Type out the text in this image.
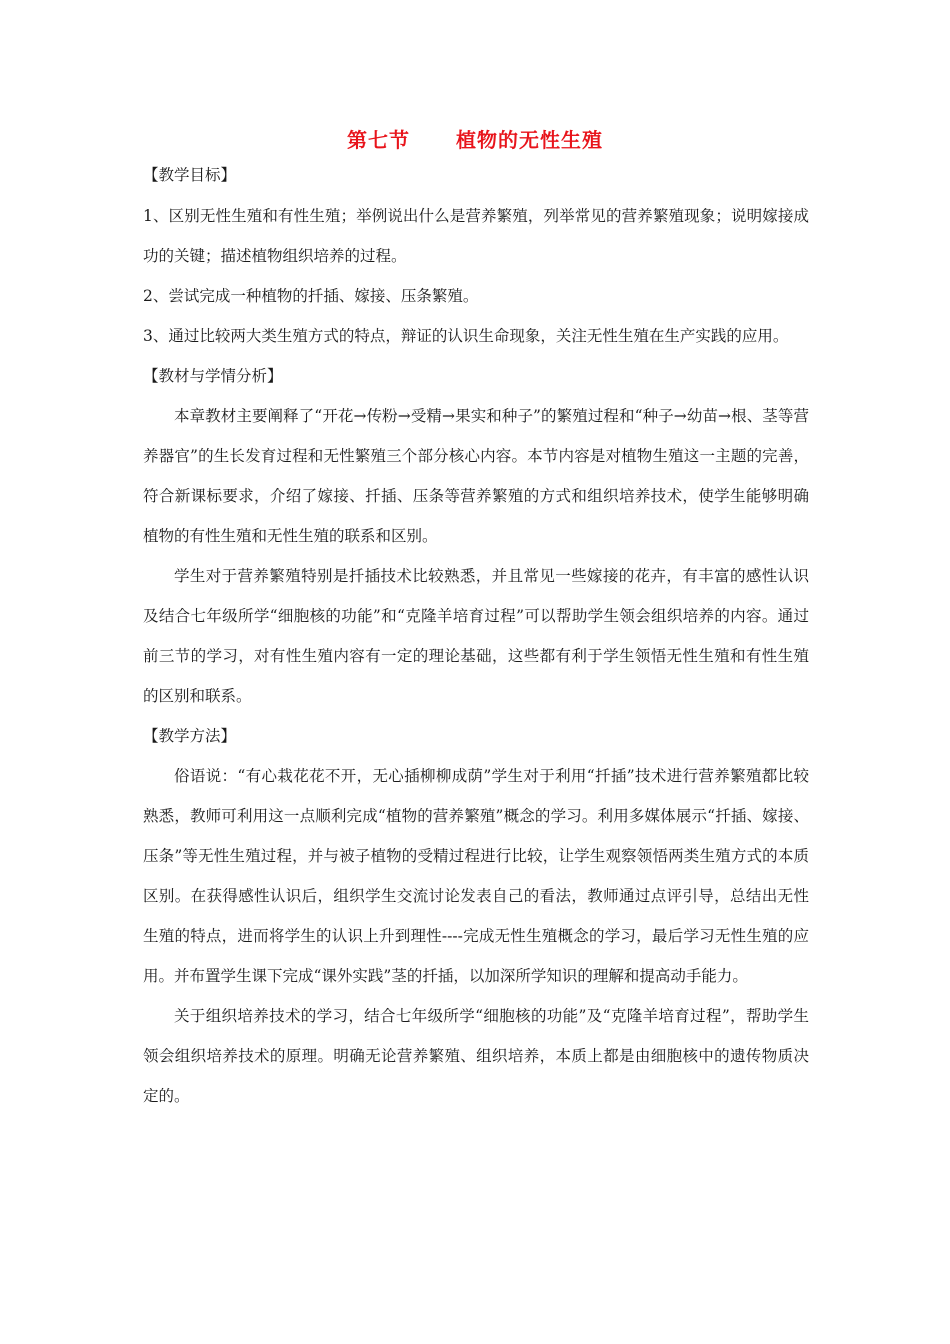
第七节 植物的无性生殖
【教学目标】

1、区别无性生殖和有性生殖；举例说出什么是营养繁殖，列举常见的营养繁殖现象；说明嫁接成功的关键；描述植物组织培养的过程。

2、尝试完成一种植物的扦插、嫁接、压条繁殖。

3、通过比较两大类生殖方式的特点，辩证的认识生命现象，关注无性生殖在生产实践的应用。

【教材与学情分析】

本章教材主要阐释了“开花→传粉→受精→果实和种子”的繁殖过程和“种子→幼苗→根、茎等营养器官”的生长发育过程和无性繁殖三个部分核心内容。本节内容是对植物生殖这一主题的完善，符合新课标要求，介绍了嫁接、扦插、压条等营养繁殖的方式和组织培养技术，使学生能够明确植物的有性生殖和无性生殖的联系和区别。

学生对于营养繁殖特别是扦插技术比较熟悉，并且常见一些嫁接的花卉，有丰富的感性认识及结合七年级所学“细胞核的功能”和“克隆羊培育过程”可以帮助学生领会组织培养的内容。通过前三节的学习，对有性生殖内容有一定的理论基础，这些都有利于学生领悟无性生殖和有性生殖的区别和联系。

【教学方法】

俗语说：“有心栽花花不开，无心插柳柳成荫”学生对于利用“扦插”技术进行营养繁殖都比较熟悉，教师可利用这一点顺利完成“植物的营养繁殖”概念的学习。利用多媒体展示“扦插、嫁接、压条”等无性生殖过程，并与被子植物的受精过程进行比较，让学生观察领悟两类生殖方式的本质区别。在获得感性认识后，组织学生交流讨论发表自己的看法，教师通过点评引导，总结出无性生殖的特点，进而将学生的认识上升到理性----完成无性生殖概念的学习，最后学习无性生殖的应用。并布置学生课下完成“课外实践”茎的扦插，以加深所学知识的理解和提高动手能力。

关于组织培养技术的学习，结合七年级所学“细胞核的功能”及“克隆羊培育过程”，帮助学生领会组织培养技术的原理。明确无论营养繁殖、组织培养，本质上都是由细胞核中的遗传物质决定的。
